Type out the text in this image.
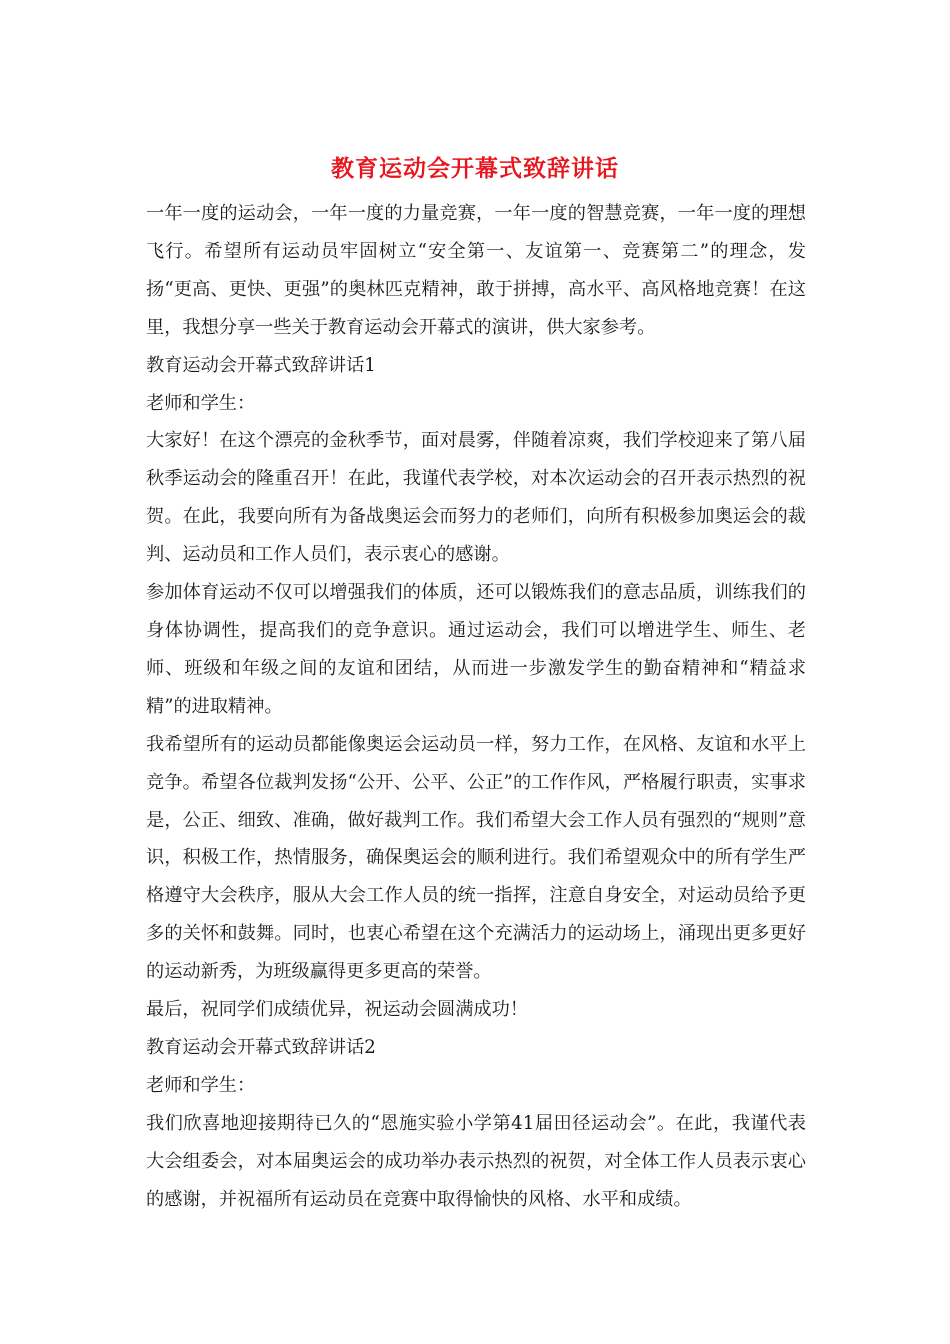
教育运动会开幕式致辞讲话

一年一度的运动会，一年一度的力量竞赛，一年一度的智慧竞赛，一年一度的理想飞行。希望所有运动员牢固树立“安全第一、友谊第一、竞赛第二”的理念，发扬“更高、更快、更强”的奥林匹克精神，敢于拼搏，高水平、高风格地竞赛！在这里，我想分享一些关于教育运动会开幕式的演讲，供大家参考。

教育运动会开幕式致辞讲话1

老师和学生：

大家好！在这个漂亮的金秋季节，面对晨雾，伴随着凉爽，我们学校迎来了第八届秋季运动会的隆重召开！在此，我谨代表学校，对本次运动会的召开表示热烈的祝贺。在此，我要向所有为备战奥运会而努力的老师们，向所有积极参加奥运会的裁判、运动员和工作人员们，表示衷心的感谢。

参加体育运动不仅可以增强我们的体质，还可以锻炼我们的意志品质，训练我们的身体协调性，提高我们的竞争意识。通过运动会，我们可以增进学生、师生、老师、班级和年级之间的友谊和团结，从而进一步激发学生的勤奋精神和“精益求精”的进取精神。

我希望所有的运动员都能像奥运会运动员一样，努力工作，在风格、友谊和水平上竞争。希望各位裁判发扬“公开、公平、公正”的工作作风，严格履行职责，实事求是，公正、细致、准确，做好裁判工作。我们希望大会工作人员有强烈的“规则”意识，积极工作，热情服务，确保奥运会的顺利进行。我们希望观众中的所有学生严格遵守大会秩序，服从大会工作人员的统一指挥，注意自身安全，对运动员给予更多的关怀和鼓舞。同时，也衷心希望在这个充满活力的运动场上，涌现出更多更好的运动新秀，为班级赢得更多更高的荣誉。

最后，祝同学们成绩优异，祝运动会圆满成功！

教育运动会开幕式致辞讲话2

老师和学生：

我们欣喜地迎接期待已久的“恩施实验小学第41届田径运动会”。在此，我谨代表大会组委会，对本届奥运会的成功举办表示热烈的祝贺，对全体工作人员表示衷心的感谢，并祝福所有运动员在竞赛中取得愉快的风格、水平和成绩。
